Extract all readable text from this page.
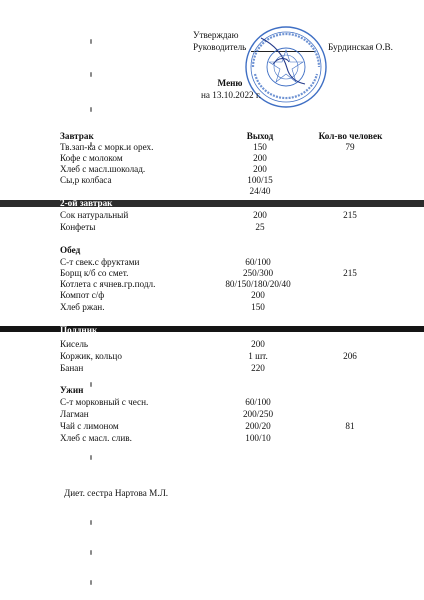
Утверждаю
Руководитель	Бурдинская О.В.
Меню
на 13.10.2022 г.
Завтрак	Выход	Кол-во человек
Тв.зап-ка с морк.и орех.	150	79
Кофе с молоком	200
Хлеб с масл.шоколад.	200
Сы,р колбаса	100/15
24/40
2-ой завтрак
Сок натуральный	200	215
Конфеты	25
Обед
С-т свек.с фруктами	60/100
Борщ к/б со смет.	250/300	215
Котлета с ячнев.гр.подл.	80/150/180/20/40
Компот с/ф	200
Хлеб ржан.	150
Полдник
Кисель	200
Коржик, кольцо	1 шт.	206
Банан	220
Ужин
С-т морковный с чесн.	60/100
Лагман	200/250
Чай с лимоном	200/20	81
Хлеб с масл. слив.	100/10
Диет. сестра Нартова М.Л.
